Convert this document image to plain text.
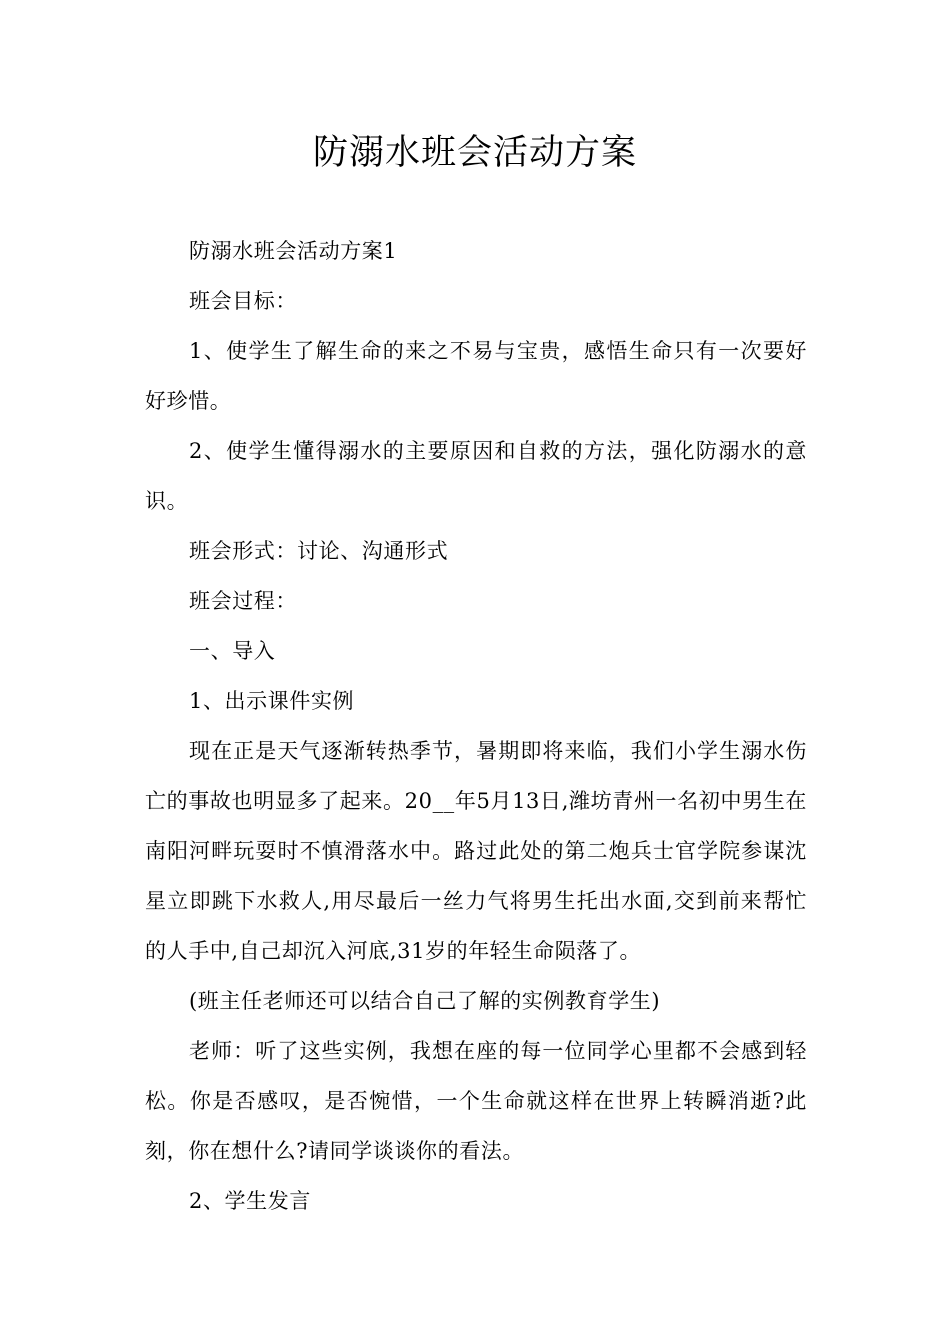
防溺水班会活动方案

防溺水班会活动方案1

班会目标：

1、使学生了解生命的来之不易与宝贵，感悟生命只有一次要好好珍惜。

2、使学生懂得溺水的主要原因和自救的方法，强化防溺水的意识。

班会形式：讨论、沟通形式

班会过程：

一、导入

1、出示课件实例

现在正是天气逐渐转热季节，暑期即将来临，我们小学生溺水伤亡的事故也明显多了起来。20__年5月13日,潍坊青州一名初中男生在南阳河畔玩耍时不慎滑落水中。路过此处的第二炮兵士官学院参谋沈星立即跳下水救人,用尽最后一丝力气将男生托出水面,交到前来帮忙的人手中,自己却沉入河底,31岁的年轻生命陨落了。

(班主任老师还可以结合自己了解的实例教育学生)

老师：听了这些实例，我想在座的每一位同学心里都不会感到轻松。你是否感叹，是否惋惜，一个生命就这样在世界上转瞬消逝?此刻，你在想什么?请同学谈谈你的看法。

2、学生发言
